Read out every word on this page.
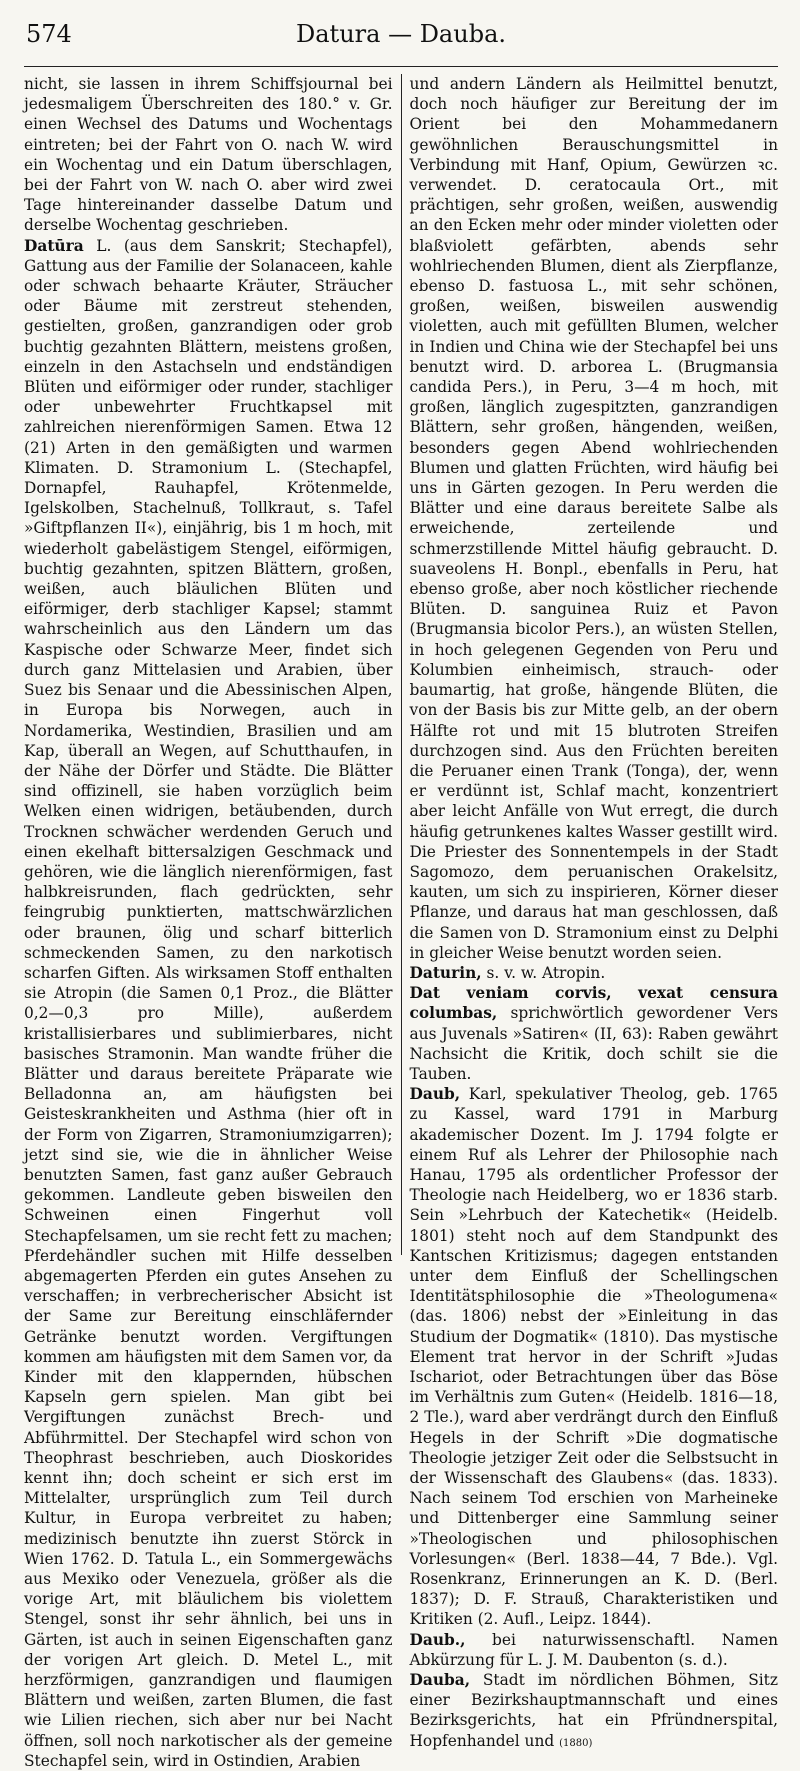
574	Datura — Dauba.

nicht, sie lassen in ihrem Schiffsjournal bei jedesmaligem Überschreiten des 180.° v. Gr. einen Wechsel des Datums und Wochentags eintreten; bei der Fahrt von O. nach W. wird ein Wochentag und ein Datum überschlagen, bei der Fahrt von W. nach O. aber wird zwei Tage hintereinander dasselbe Datum und derselbe Wochentag geschrieben.

Datūra L. (aus dem Sanskrit; Stechapfel), Gattung aus der Familie der Solanaceen, kahle oder schwach behaarte Kräuter, Sträucher oder Bäume mit zerstreut stehenden, gestielten, großen, ganzrandigen oder grob buchtig gezahnten Blättern, meistens großen, einzeln in den Astachseln und endständigen Blüten und eiförmiger oder runder, stachliger oder unbewehrter Fruchtkapsel mit zahlreichen nierenförmigen Samen. Etwa 12 (21) Arten in den gemäßigten und warmen Klimaten. D. Stramonium L. (Stechapfel, Dornapfel, Rauhapfel, Krötenmelde, Igelskolben, Stachelnuß, Tollkraut, s. Tafel »Giftpflanzen II«), einjährig, bis 1 m hoch, mit wiederholt gabelästigem Stengel, eiförmigen, buchtig gezahnten, spitzen Blättern, großen, weißen, auch bläulichen Blüten und eiförmiger, derb stachliger Kapsel; stammt wahrscheinlich aus den Ländern um das Kaspische oder Schwarze Meer, findet sich durch ganz Mittelasien und Arabien, über Suez bis Senaar und die Abessinischen Alpen, in Europa bis Norwegen, auch in Nordamerika, Westindien, Brasilien und am Kap, überall an Wegen, auf Schutthaufen, in der Nähe der Dörfer und Städte. Die Blätter sind offizinell, sie haben vorzüglich beim Welken einen widrigen, betäubenden, durch Trocknen schwächer werdenden Geruch und einen ekelhaft bittersalzigen Geschmack und gehören, wie die länglich nierenförmigen, fast halbkreisrunden, flach gedrückten, sehr feingrubig punktierten, mattschwärzlichen oder braunen, ölig und scharf bitterlich schmeckenden Samen, zu den narkotisch scharfen Giften. Als wirksamen Stoff enthalten sie Atropin (die Samen 0,1 Proz., die Blätter 0,2—0,3 pro Mille), außerdem kristallisierbares und sublimierbares, nicht basisches Stramonin. Man wandte früher die Blätter und daraus bereitete Präparate wie Belladonna an, am häufigsten bei Geisteskrankheiten und Asthma (hier oft in der Form von Zigarren, Stramoniumzigarren); jetzt sind sie, wie die in ähnlicher Weise benutzten Samen, fast ganz außer Gebrauch gekommen. Landleute geben bisweilen den Schweinen einen Fingerhut voll Stechapfelsamen, um sie recht fett zu machen; Pferdehändler suchen mit Hilfe desselben abgemagerten Pferden ein gutes Ansehen zu verschaffen; in verbrecherischer Absicht ist der Same zur Bereitung einschläfernder Getränke benutzt worden. Vergiftungen kommen am häufigsten mit dem Samen vor, da Kinder mit den klappernden, hübschen Kapseln gern spielen. Man gibt bei Vergiftungen zunächst Brech- und Abführmittel. Der Stechapfel wird schon von Theophrast beschrieben, auch Dioskorides kennt ihn; doch scheint er sich erst im Mittelalter, ursprünglich zum Teil durch Kultur, in Europa verbreitet zu haben; medizinisch benutzte ihn zuerst Störck in Wien 1762. D. Tatula L., ein Sommergewächs aus Mexiko oder Venezuela, größer als die vorige Art, mit bläulichem bis violettem Stengel, sonst ihr sehr ähnlich, bei uns in Gärten, ist auch in seinen Eigenschaften ganz der vorigen Art gleich. D. Metel L., mit herzförmigen, ganzrandigen und flaumigen Blättern und weißen, zarten Blumen, die fast wie Lilien riechen, sich aber nur bei Nacht öffnen, soll noch narkotischer als der gemeine Stechapfel sein, wird in Ostindien, Arabien

und andern Ländern als Heilmittel benutzt, doch noch häufiger zur Bereitung der im Orient bei den Mohammedanern gewöhnlichen Berauschungsmittel in Verbindung mit Hanf, Opium, Gewürzen ꝛc. verwendet. D. ceratocaula Ort., mit prächtigen, sehr großen, weißen, auswendig an den Ecken mehr oder minder violetten oder blaßviolett gefärbten, abends sehr wohlriechenden Blumen, dient als Zierpflanze, ebenso D. fastuosa L., mit sehr schönen, großen, weißen, bisweilen auswendig violetten, auch mit gefüllten Blumen, welcher in Indien und China wie der Stechapfel bei uns benutzt wird. D. arborea L. (Brugmansia candida Pers.), in Peru, 3—4 m hoch, mit großen, länglich zugespitzten, ganzrandigen Blättern, sehr großen, hängenden, weißen, besonders gegen Abend wohlriechenden Blumen und glatten Früchten, wird häufig bei uns in Gärten gezogen. In Peru werden die Blätter und eine daraus bereitete Salbe als erweichende, zerteilende und schmerzstillende Mittel häufig gebraucht. D. suaveolens H. Bonpl., ebenfalls in Peru, hat ebenso große, aber noch köstlicher riechende Blüten. D. sanguinea Ruiz et Pavon (Brugmansia bicolor Pers.), an wüsten Stellen, in hoch gelegenen Gegenden von Peru und Kolumbien einheimisch, strauch- oder baumartig, hat große, hängende Blüten, die von der Basis bis zur Mitte gelb, an der obern Hälfte rot und mit 15 blutroten Streifen durchzogen sind. Aus den Früchten bereiten die Peruaner einen Trank (Tonga), der, wenn er verdünnt ist, Schlaf macht, konzentriert aber leicht Anfälle von Wut erregt, die durch häufig getrunkenes kaltes Wasser gestillt wird. Die Priester des Sonnentempels in der Stadt Sagomozo, dem peruanischen Orakelsitz, kauten, um sich zu inspirieren, Körner dieser Pflanze, und daraus hat man geschlossen, daß die Samen von D. Stramonium einst zu Delphi in gleicher Weise benutzt worden seien.

Daturin, s. v. w. Atropin.

Dat veniam corvis, vexat censura columbas, sprichwörtlich gewordener Vers aus Juvenals »Satiren« (II, 63): Raben gewährt Nachsicht die Kritik, doch schilt sie die Tauben.

Daub, Karl, spekulativer Theolog, geb. 1765 zu Kassel, ward 1791 in Marburg akademischer Dozent. Im J. 1794 folgte er einem Ruf als Lehrer der Philosophie nach Hanau, 1795 als ordentlicher Professor der Theologie nach Heidelberg, wo er 1836 starb. Sein »Lehrbuch der Katechetik« (Heidelb. 1801) steht noch auf dem Standpunkt des Kantschen Kritizismus; dagegen entstanden unter dem Einfluß der Schellingschen Identitätsphilosophie die »Theologumena« (das. 1806) nebst der »Einleitung in das Studium der Dogmatik« (1810). Das mystische Element trat hervor in der Schrift »Judas Ischariot, oder Betrachtungen über das Böse im Verhältnis zum Guten« (Heidelb. 1816—18, 2 Tle.), ward aber verdrängt durch den Einfluß Hegels in der Schrift »Die dogmatische Theologie jetziger Zeit oder die Selbstsucht in der Wissenschaft des Glaubens« (das. 1833). Nach seinem Tod erschien von Marheineke und Dittenberger eine Sammlung seiner »Theologischen und philosophischen Vorlesungen« (Berl. 1838—44, 7 Bde.). Vgl. Rosenkranz, Erinnerungen an K. D. (Berl. 1837); D. F. Strauß, Charakteristiken und Kritiken (2. Aufl., Leipz. 1844).

Daub., bei naturwissenschaftl. Namen Abkürzung für L. J. M. Daubenton (s. d.).

Dauba, Stadt im nördlichen Böhmen, Sitz einer Bezirkshauptmannschaft und eines Bezirksgerichts, hat ein Pfründnerspital, Hopfenhandel und (1880)
